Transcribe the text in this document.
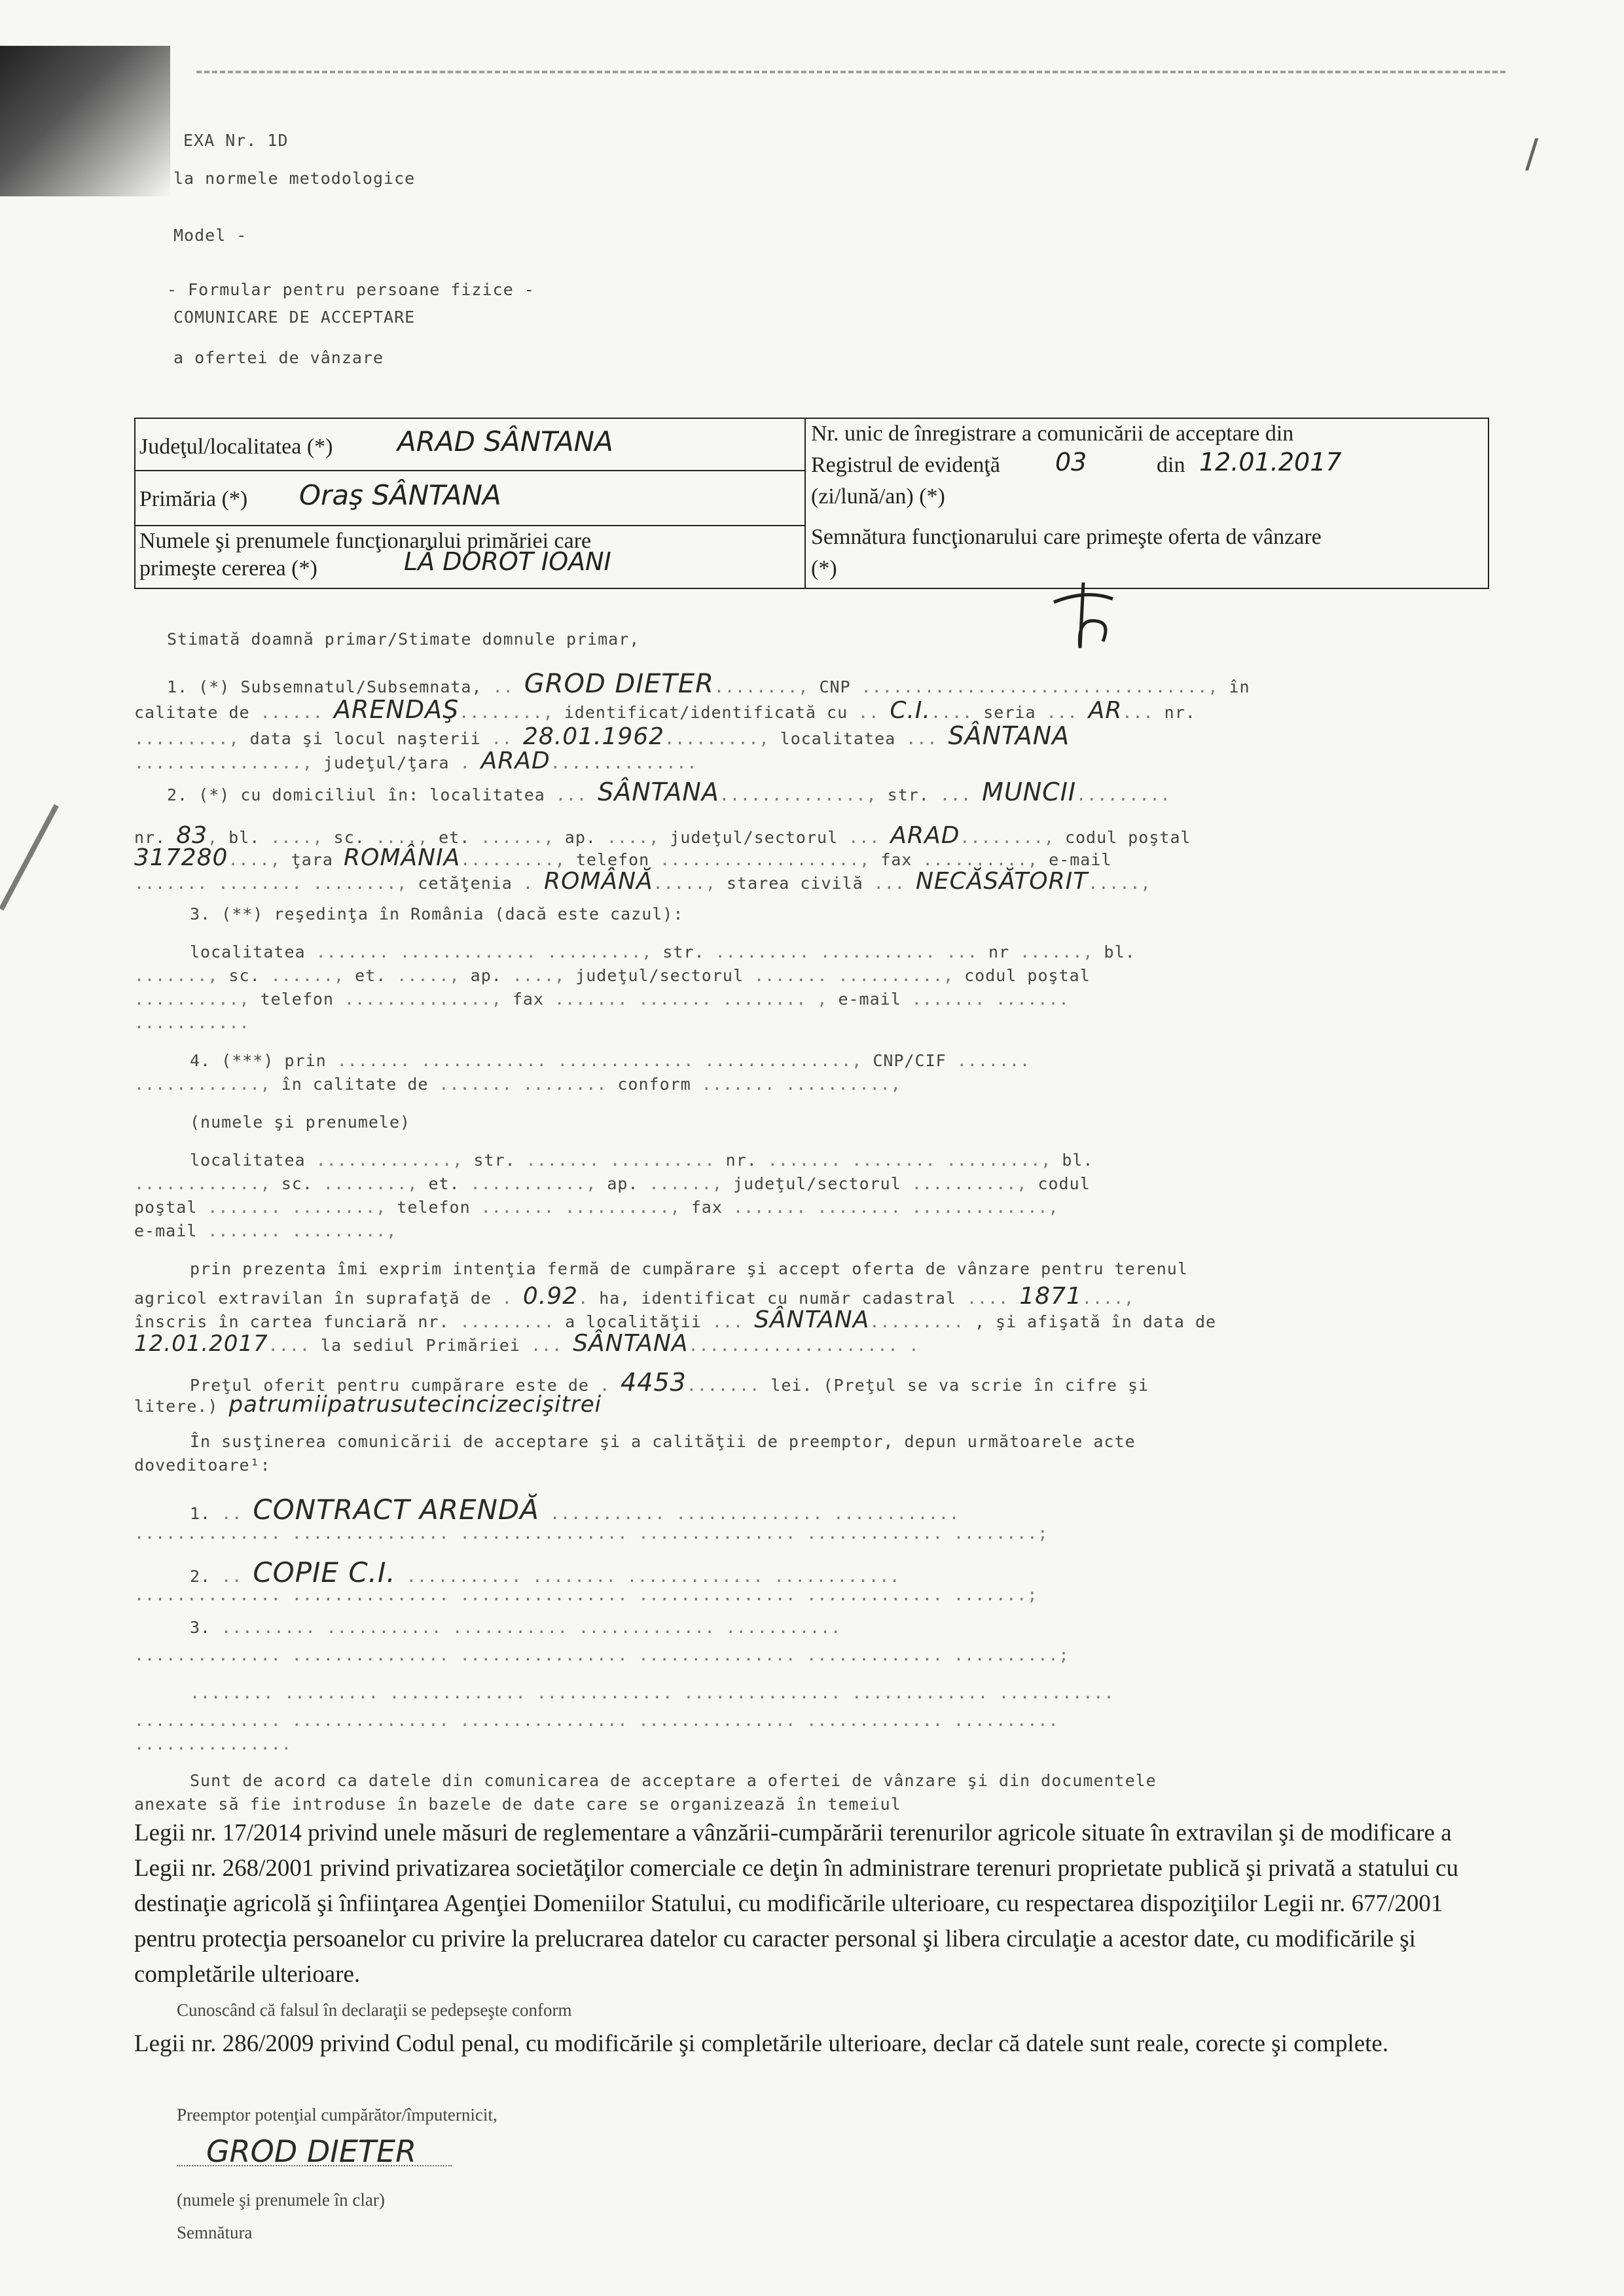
/
EXA Nr. 1D
la normele metodologice
Model -
- Formular pentru persoane fizice -
COMUNICARE DE ACCEPTARE
a ofertei de vânzare
Judeţul/localitatea (*) ARAD SÂNTANA
Primăria (*) Oraş SÂNTANA
Numele şi prenumele funcţionarului primăriei care
primeşte cererea (*)	LĂ DOROT IOANI
Nr. unic de înregistrare a comunicării de acceptare din
Registrul de evidenţă 03	din 12.01.2017
(zi/lună/an) (*)
Semnătura funcţionarului care primeşte oferta de vânzare
(*)
Stimată doamnă primar/Stimate domnule primar,
1. (*) Subsemnatul/Subsemnata, .. GROD DIETER........, CNP ................................., în
calitate de ...... ARENDAŞ........, identificat/identificată cu .. C.I..... seria ... AR... nr.
........., data şi locul naşterii .. 28.01.1962........., localitatea ... SÂNTANA
................, judeţul/ţara . ARAD..............
2. (*) cu domiciliul în: localitatea ... SÂNTANA.............., str. ... MUNCII.........
nr. 83, bl. ...., sc. ...., et. ......, ap. ...., judeţul/sectorul ... ARAD........, codul poştal
317280...., ţara ROMÂNIA........., telefon ..................., fax .........., e-mail
....... ........ ........, cetăţenia . ROMÂNĂ....., starea civilă ... NECĂSĂTORIT.....,
3. (**) reşedinţa în România (dacă este cazul):
localitatea ....... ............. ........., str. ......... ........... ... nr ......, bl.
......., sc. ......, et. ....., ap. ...., judeţul/sectorul ....... .........., codul poştal
.........., telefon .............., fax ....... ....... ........ , e-mail ....... .......
...........
4. (***) prin ....... ............ ............. .............., CNP/CIF .......
............, în calitate de ....... ........ conform ....... ..........,
(numele şi prenumele)
localitatea ............., str. ....... .......... nr. ....... ........ ........., bl.
............, sc. ........, et. ..........., ap. ......, judeţul/sectorul .........., codul
poştal ....... ........, telefon ....... .........., fax ....... ........ .............,
e-mail ....... .........,
prin prezenta îmi exprim intenţia fermă de cumpărare şi accept oferta de vânzare pentru terenul
agricol extravilan în suprafaţă de . 0.92. ha, identificat cu număr cadastral .... 1871....,
înscris în cartea funciară nr. ......... a localităţii ... SÂNTANA......... , şi afişată în data de
12.01.2017.... la sediul Primăriei ... SÂNTANA.................... .
Preţul oferit pentru cumpărare este de . 4453....... lei. (Preţul se va scrie în cifre şi
litere.) patrumiipatrusutecincizecişitrei
În susţinerea comunicării de acceptare şi a calităţii de preemptor, depun următoarele acte
doveditoare¹:
1. .. CONTRACT ARENDĂ ........... .............. ............
.............. ............... ................ ............... ............. ........;
2. .. COPIE C.I. ........... ........ ............. ............
.............. ............... ................ ............... ............. .......;
3. ......... ........... ........... ............. ...........
.............. ............... ................ ............... ............. ..........;
........ ......... ............. ............. ............... ............. ...........
.............. ............... ................ ............... ............. ..........
...............
Sunt de acord ca datele din comunicarea de acceptare a ofertei de vânzare şi din documentele
anexate să fie introduse în bazele de date care se organizează în temeiul
Legii nr. 17/2014 privind unele măsuri de reglementare a vânzării-cumpărării terenurilor agricole situate în extravilan şi de modificare a Legii nr. 268/2001 privind privatizarea societăţilor comerciale ce deţin în administrare terenuri proprietate publică şi privată a statului cu destinaţie agricolă şi înfiinţarea Agenţiei Domeniilor Statului, cu modificările ulterioare, cu respectarea dispoziţiilor Legii nr. 677/2001 pentru protecţia persoanelor cu privire la prelucrarea datelor cu caracter personal şi libera circulaţie a acestor date, cu modificările şi completările ulterioare.
Cunoscând că falsul în declaraţii se pedepseşte conform
Legii nr. 286/2009 privind Codul penal, cu modificările şi completările ulterioare, declar că datele sunt reale, corecte şi complete.
Preemptor potenţial cumpărător/împuternicit,
GROD DIETER
(numele şi prenumele în clar)
Semnătura
